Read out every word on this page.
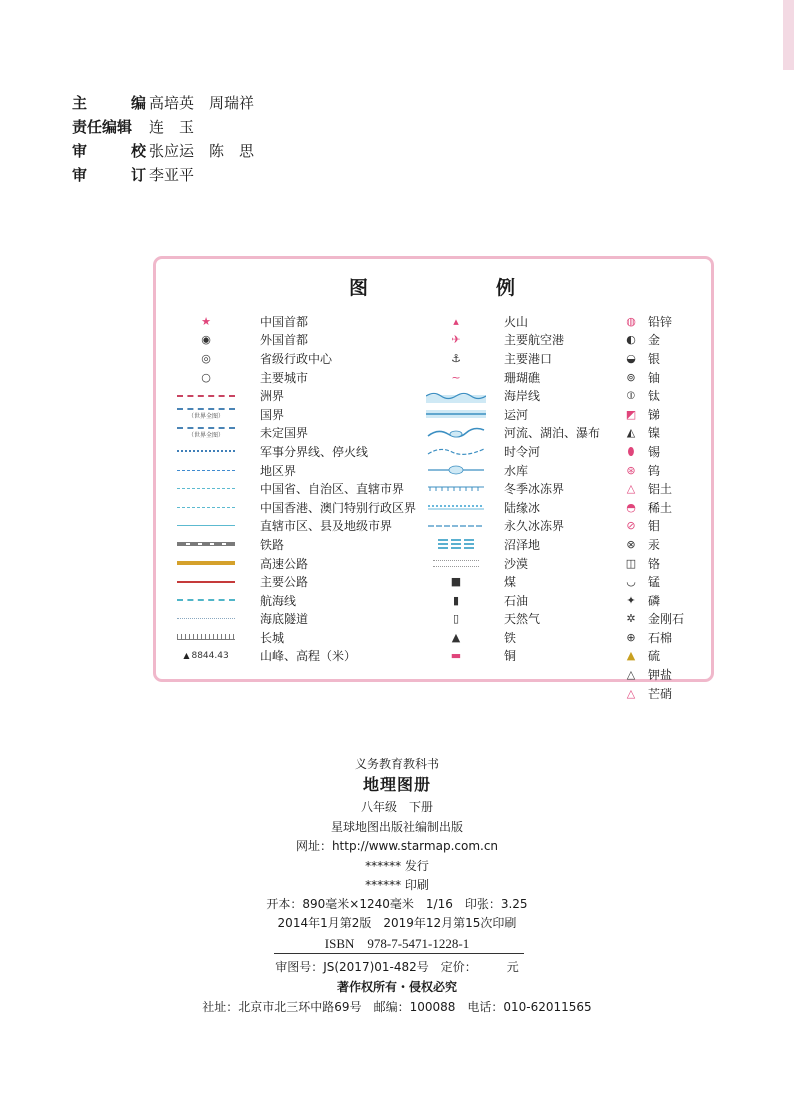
主	编 高培英 周瑞祥
责任编辑 连　玉
审	校 张应运 陈　思
审	订 李亚平
图	例
★	中国首都
◉	外国首都
◎	省级行政中心
○	主要城市
洲界
（世界全图）	国界
（世界全图）	未定国界
军事分界线、停火线
地区界
中国省、自治区、直辖市界
中国香港、澳门特别行政区界
直辖市区、县及地级市界
铁路
高速公路
主要公路
航海线
海底隧道
长城
▲ 8844.43	山峰、高程（米）
▴	火山
✈	主要航空港
⚓	主要港口
~	珊瑚礁
海岸线
运河
河流、湖泊、瀑布
时令河
水库
冬季冰冻界
陆缘冰
永久冰冻界
沼泽地
沙漠
■	煤
▮	石油
▯	天然气
▲	铁
▬	铜
◍	铅锌
◐	金
◒	银
⊚	铀
⦶	钛
◩ 锑
◭	镍
⬮	锡
⊛	钨
△	铝土
◓	稀土
⊘	钼
⊗	汞
◫ 铬
◡	锰
✦	磷
✲	金刚石
⊕	石棉
▲	硫
△	钾盐
△	芒硝
义务教育教科书
地理图册
八年级　下册
星球地图出版社编制出版
网址：http://www.starmap.com.cn
****** 发行
****** 印刷
开本：890毫米×1240毫米　1/16　印张：3.25
2014年1月第2版　2019年12月第15次印刷
ISBN　978-7-5471-1228-1
审图号：JS(2017)01-482号　定价：　　　元
著作权所有・侵权必究
社址：北京市北三环中路69号　邮编：100088　电话：010-62011565
